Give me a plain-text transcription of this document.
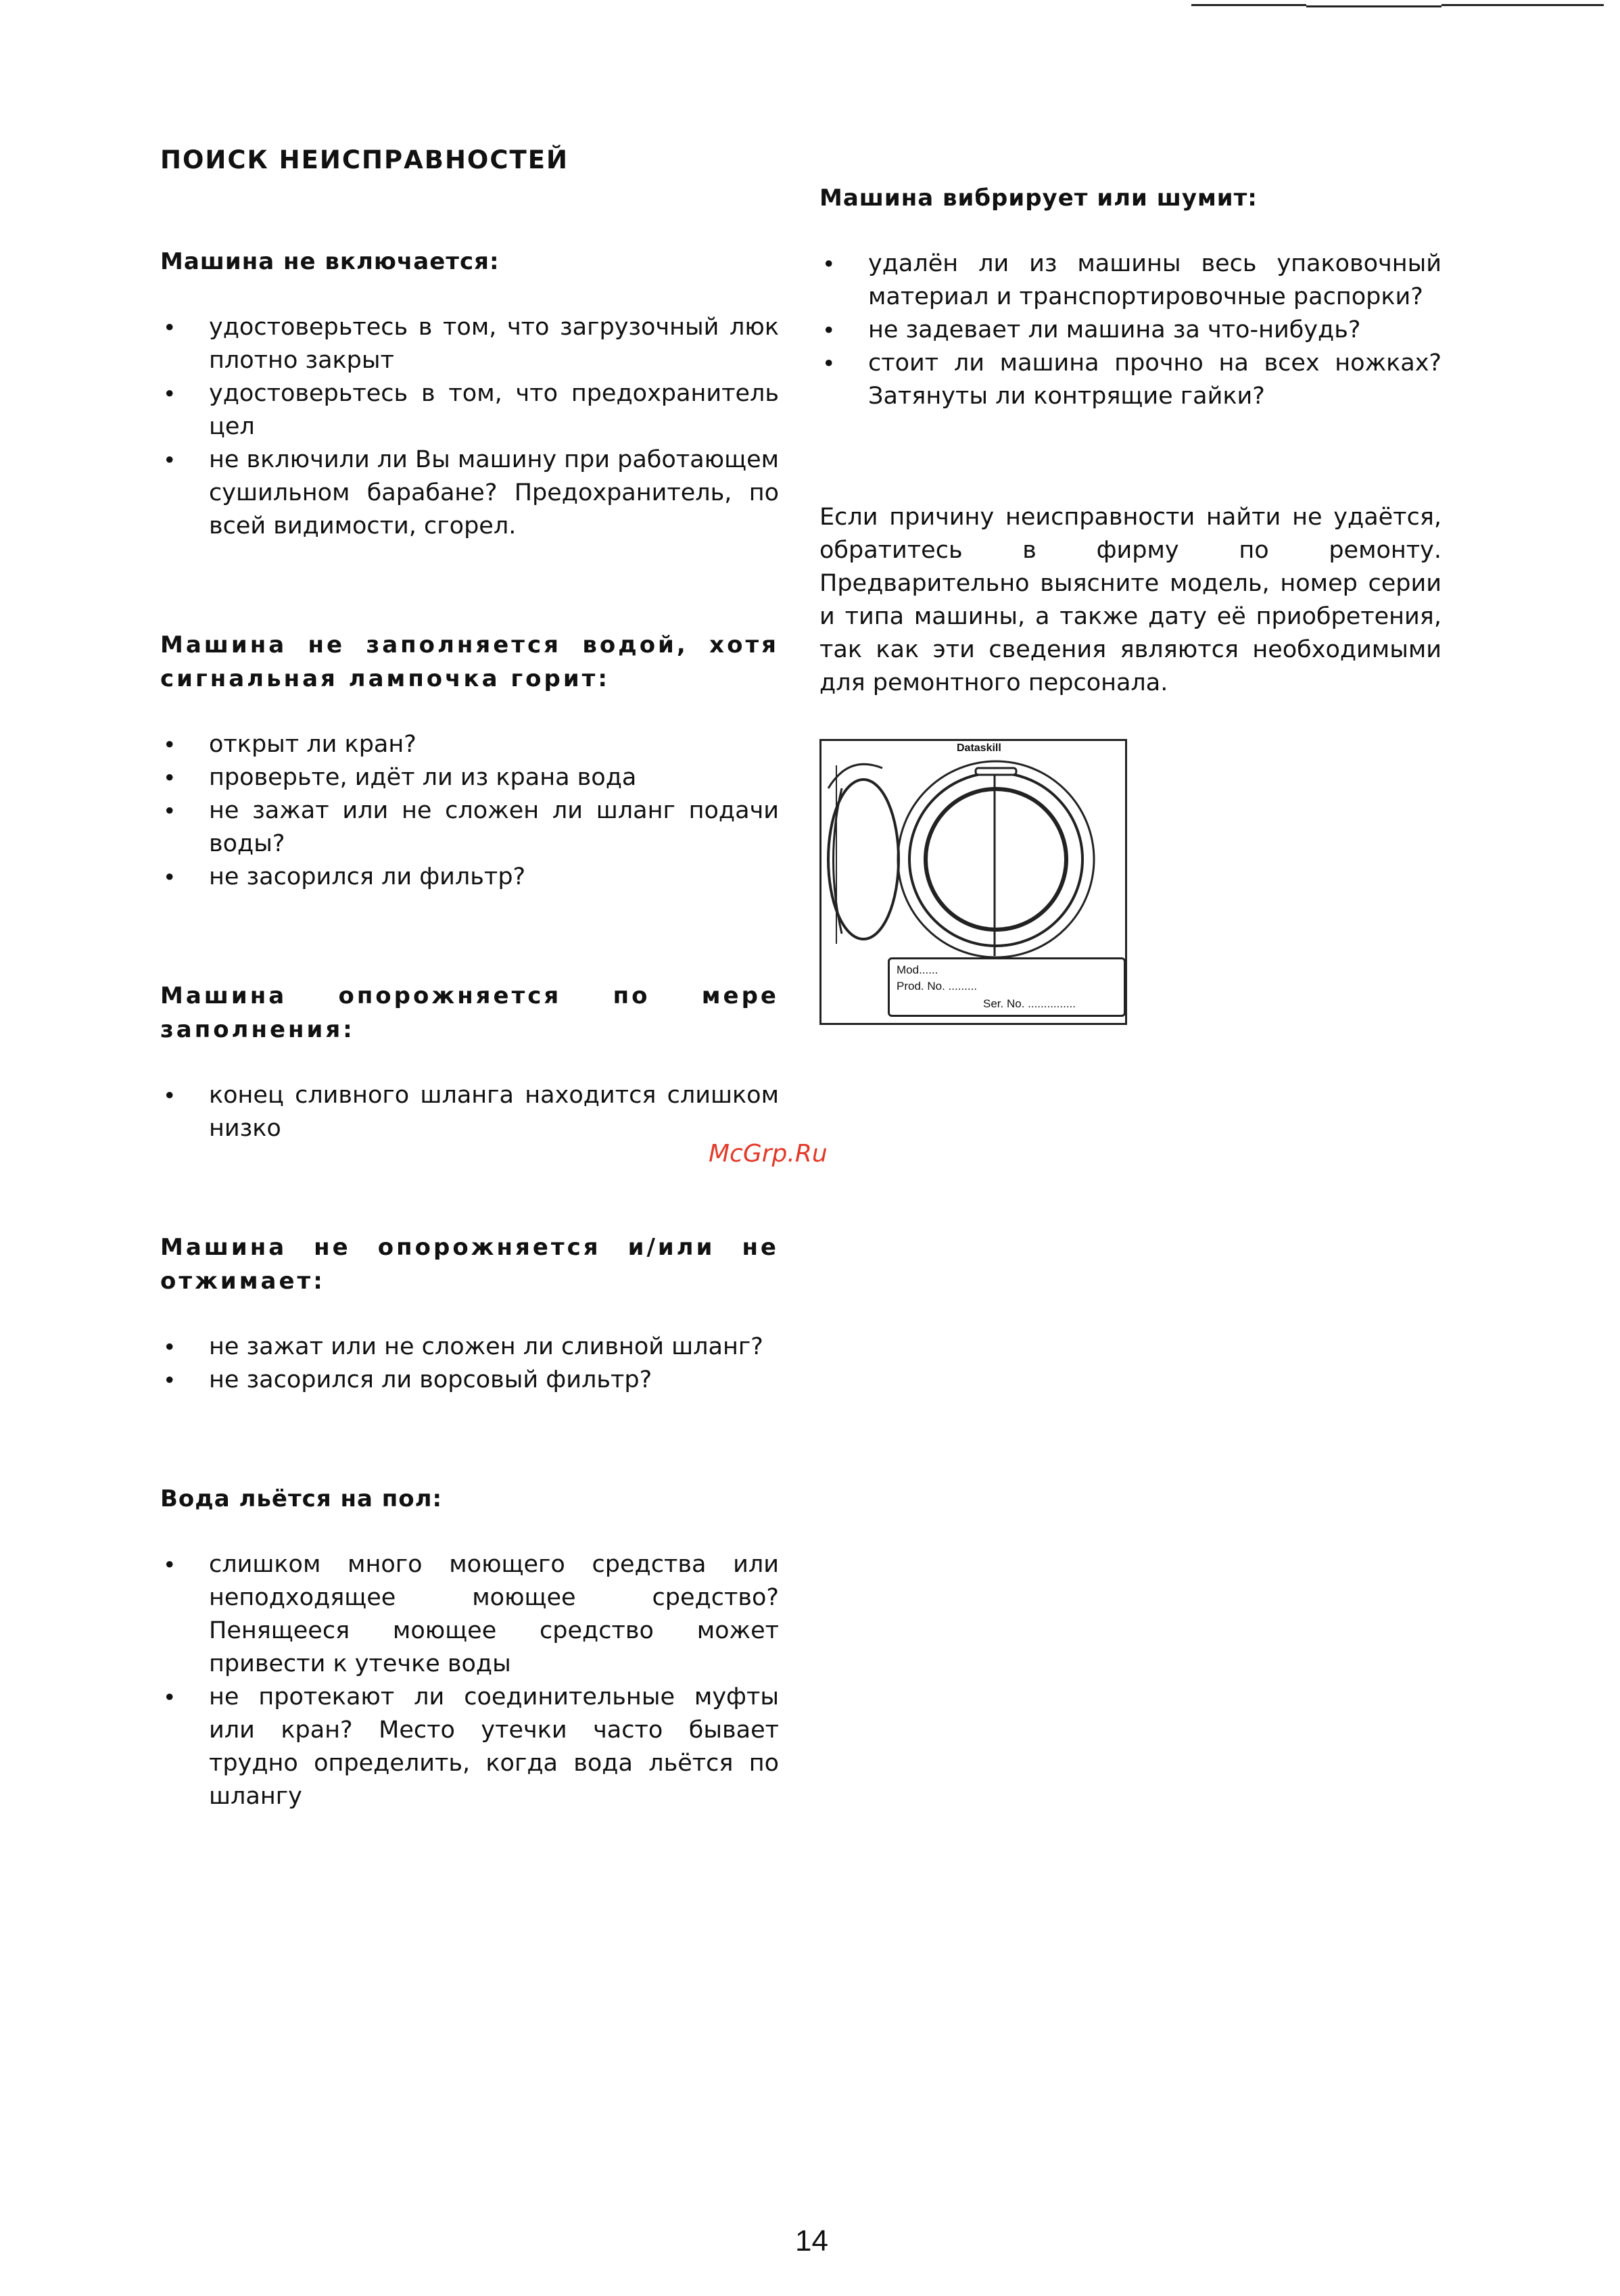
ПОИСК НЕИСПРАВНОСТЕЙ
Машина не включается:
• удостоверьтесь в том, что загрузочный люк плотно закрыт
• удостоверьтесь в том, что предохранитель цел
• не включили ли Вы машину при работающем сушильном барабане? Предохранитель, по всей видимости, сгорел.
Машина не заполняется водой, хотя сигнальная лампочка горит:
• открыт ли кран?
• проверьте, идёт ли из крана вода
• не зажат или не сложен ли шланг подачи воды?
• не засорился ли фильтр?
Машина опорожняется по мере заполнения:
• конец сливного шланга находится слишком низко
Машина не опорожняется и/или не отжимает:
• не зажат или не сложен ли сливной шланг?
• не засорился ли ворсовый фильтр?
Вода льётся на пол:
• слишком много моющего средства или неподходящее моющее средство? Пенящееся моющее средство может привести к утечке воды
• не протекают ли соединительные муфты или кран? Место утечки часто бывает трудно определить, когда вода льётся по шлангу
Машина вибрирует или шумит:
• удалён ли из машины весь упаковочный материал и транспортировочные распорки?
• не задевает ли машина за что-нибудь?
• стоит ли машина прочно на всех ножках? Затянуты ли контрящие гайки?

Если причину неисправности найти не удаётся, обратитесь в фирму по ремонту. Предварительно выясните модель, номер серии и типа машины, а также дату её приобретения, так как эти сведения являются необходимыми для ремонтного персонала.

Dataskill
Mod......
Prod. No. .........
Ser. No. ...............
McGrp.Ru
14
